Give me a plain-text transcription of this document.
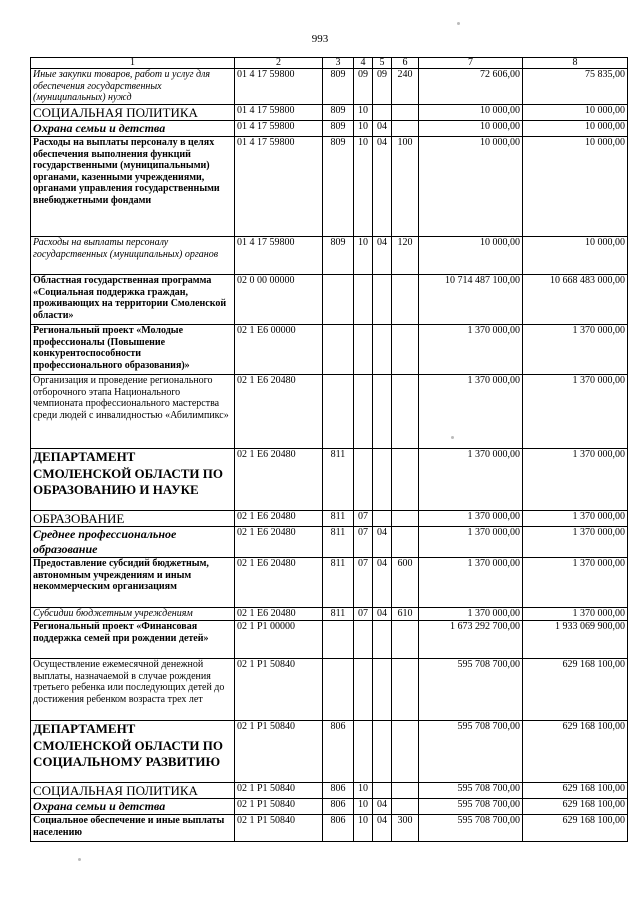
993
1	2	3	4	5	6	7	8
Иные закупки товаров, работ и услуг для обеспечения государственных (муниципальных) нужд	01 4 17 59800	809	09	09	240	72 606,00	75 835,00
СОЦИАЛЬНАЯ ПОЛИТИКА	01 4 17 59800	809	10			10 000,00	10 000,00
Охрана семьи и детства	01 4 17 59800	809	10	04		10 000,00	10 000,00
Расходы на выплаты персоналу в целях обеспечения выполнения функций государственными (муниципальными) органами, казенными учреждениями, органами управления государственными внебюджетными фондами	01 4 17 59800	809	10	04	100	10 000,00	10 000,00
Расходы на выплаты персоналу государственных (муниципальных) органов	01 4 17 59800	809	10	04	120	10 000,00	10 000,00
Областная государственная программа «Социальная поддержка граждан, проживающих на территории Смоленской области»	02 0 00 00000					10 714 487 100,00	10 668 483 000,00
Региональный проект «Молодые профессионалы (Повышение конкурентоспособности профессионального образования)»	02 1 Е6 00000					1 370 000,00	1 370 000,00
Организация и проведение регионального отборочного этапа Национального чемпионата профессионального мастерства среди людей с инвалидностью «Абилимпикс»	02 1 Е6 20480					1 370 000,00	1 370 000,00
ДЕПАРТАМЕНТ СМОЛЕНСКОЙ ОБЛАСТИ ПО ОБРАЗОВАНИЮ И НАУКЕ	02 1 Е6 20480	811				1 370 000,00	1 370 000,00
ОБРАЗОВАНИЕ	02 1 Е6 20480	811	07			1 370 000,00	1 370 000,00
Среднее профессиональное образование	02 1 Е6 20480	811	07	04		1 370 000,00	1 370 000,00
Предоставление субсидий бюджетным, автономным учреждениям и иным некоммерческим организациям	02 1 Е6 20480	811	07	04	600	1 370 000,00	1 370 000,00
Субсидии бюджетным учреждениям	02 1 Е6 20480	811	07	04	610	1 370 000,00	1 370 000,00
Региональный проект «Финансовая поддержка семей при рождении детей»	02 1 Р1 00000					1 673 292 700,00	1 933 069 900,00
Осуществление ежемесячной денежной выплаты, назначаемой в случае рождения третьего ребенка или последующих детей до достижения ребенком возраста трех лет	02 1 Р1 50840					595 708 700,00	629 168 100,00
ДЕПАРТАМЕНТ СМОЛЕНСКОЙ ОБЛАСТИ ПО СОЦИАЛЬНОМУ РАЗВИТИЮ	02 1 Р1 50840	806				595 708 700,00	629 168 100,00
СОЦИАЛЬНАЯ ПОЛИТИКА	02 1 Р1 50840	806	10			595 708 700,00	629 168 100,00
Охрана семьи и детства	02 1 Р1 50840	806	10	04		595 708 700,00	629 168 100,00
Социальное обеспечение и иные выплаты населению	02 1 Р1 50840	806	10	04	300	595 708 700,00	629 168 100,00
